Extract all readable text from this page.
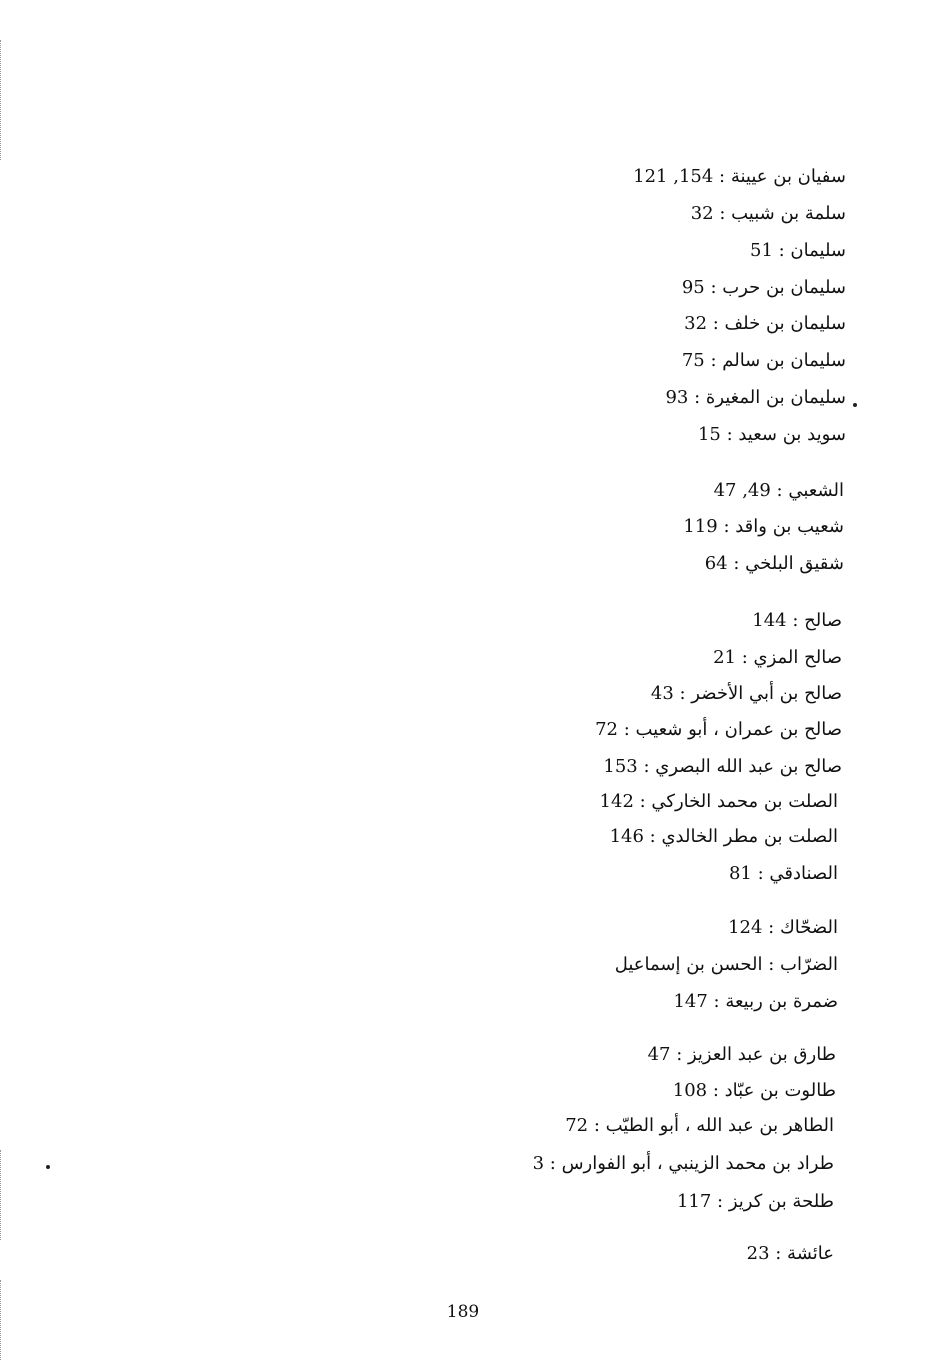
سفيان بن عيينة : 154, 121
سلمة بن شبيب : 32
سليمان : 51
سليمان بن حرب : 95
سليمان بن خلف : 32
سليمان بن سالم : 75
سليمان بن المغيرة : 93
سويد بن سعيد : 15
الشعبي : 49, 47
شعيب بن واقد : 119
شقيق البلخي : 64
صالح : 144
صالح المزي : 21
صالح بن أبي الأخضر : 43
صالح بن عمران ، أبو شعيب : 72
صالح بن عبد الله البصري : 153
الصلت بن محمد الخاركي : 142
الصلت بن مطر الخالدي : 146
الصنادقي : 81
الضحّاك : 124
الضرّاب : الحسن بن إسماعيل
ضمرة بن ربيعة : 147
طارق بن عبد العزيز : 47
طالوت بن عبّاد : 108
الطاهر بن عبد الله ، أبو الطيّب : 72
طراد بن محمد الزينبي ، أبو الفوارس : 3
طلحة بن كريز : 117
عائشة : 23
189
